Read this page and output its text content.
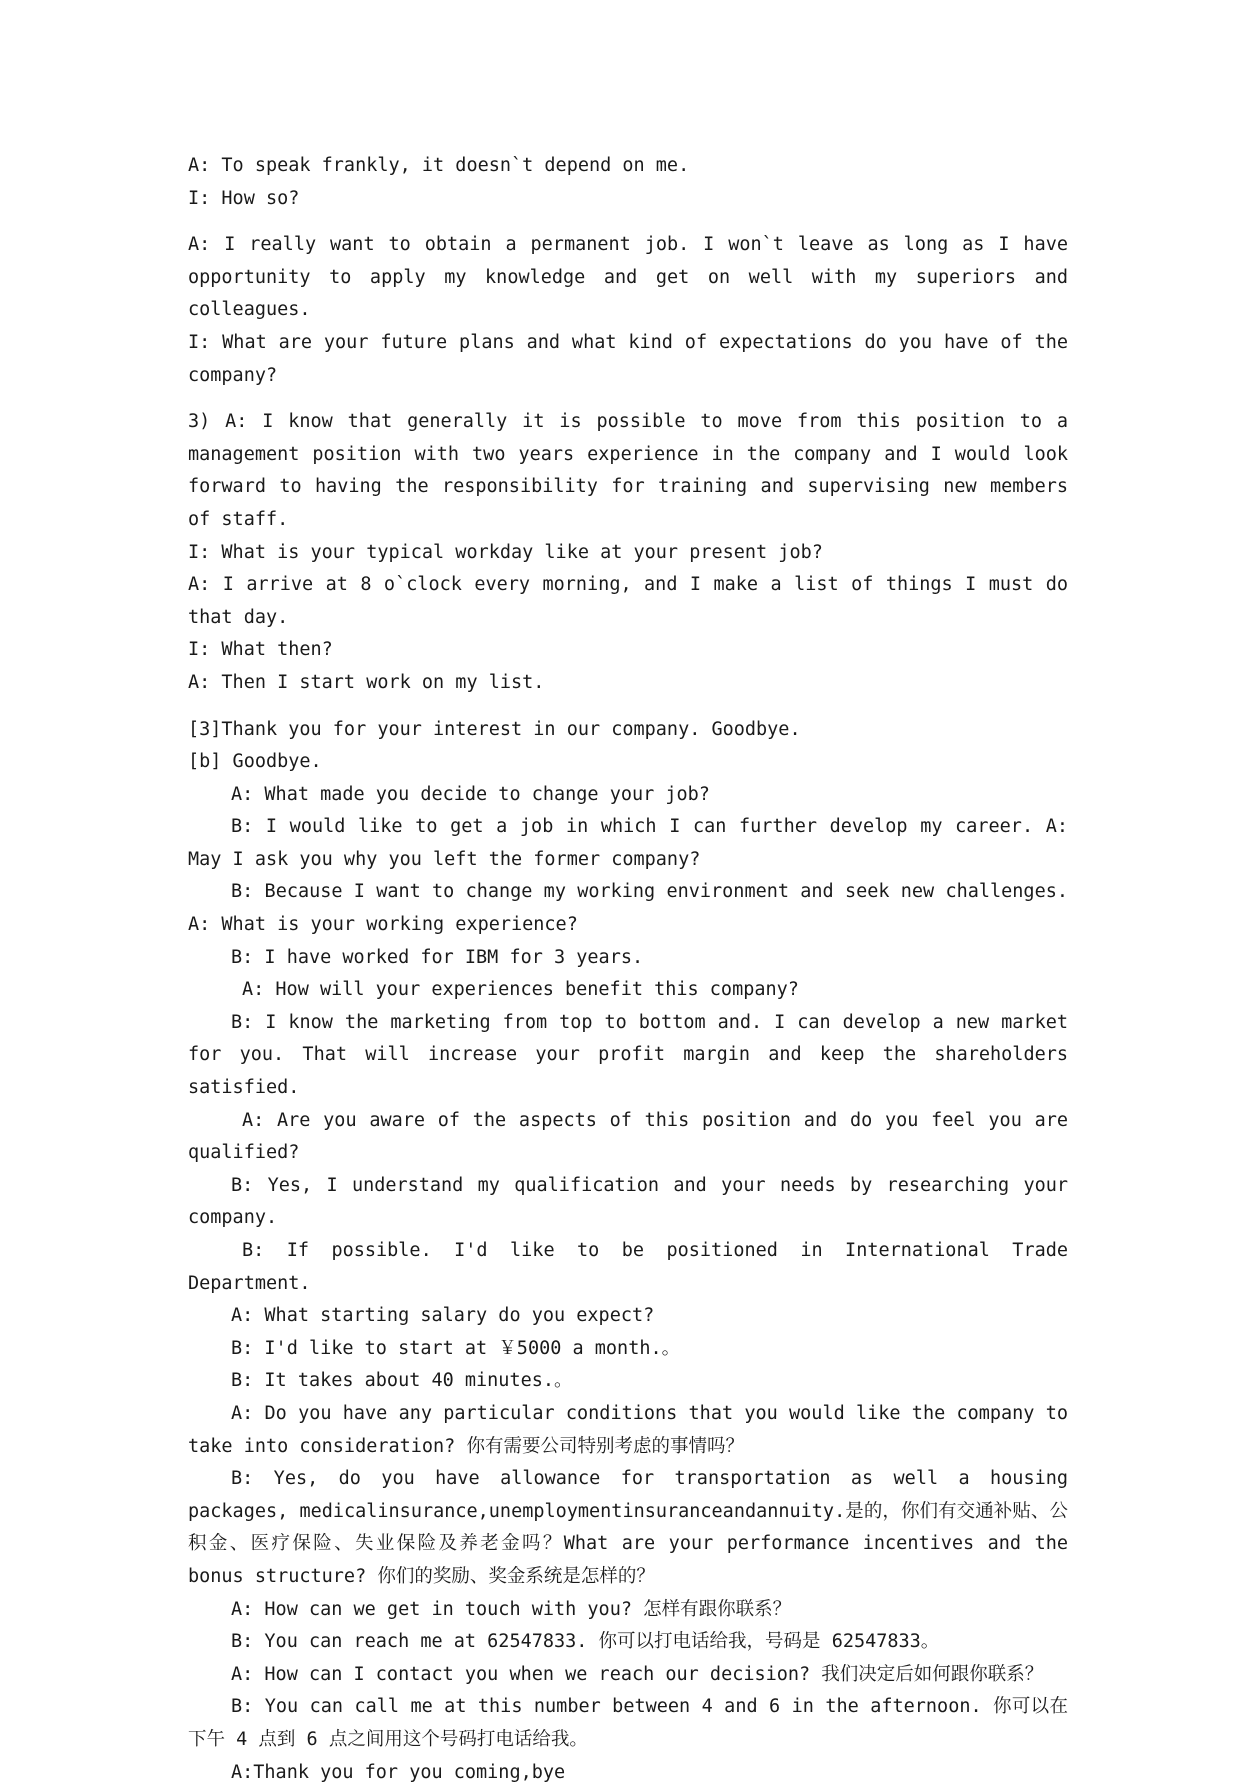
A: To speak frankly, it doesn`t depend on me.

I: How so?

A: I really want to obtain a permanent job. I won`t leave as long as I have opportunity to apply my knowledge and get on well with my superiors and colleagues.

I: What are your future plans and what kind of expectations do you have of the company?

3) A: I know that generally it is possible to move from this position to a management position with two years experience in the company and I would look forward to having the responsibility for training and supervising new members of staff.

I: What is your typical workday like at your present job?

A: I arrive at 8 o`clock every morning, and I make a list of things I must do that day.

I: What then?

A: Then I start work on my list.

[3]Thank you for your interest in our company. Goodbye.

[b] Goodbye.

A: What made you decide to change your job?

B: I would like to get a job in which I can further develop my career. A: May I ask you why you left the former company?

B: Because I want to change my working environment and seek new challenges. A: What is your working experience?

B: I have worked for IBM for 3 years.

A: How will your experiences benefit this company?

B: I know the marketing from top to bottom and. I can develop a new market for you. That will increase your profit margin and keep the shareholders satisfied.

A: Are you aware of the aspects of this position and do you feel you are qualified?

B: Yes, I understand my qualification and your needs by researching your company.

B: If possible. I'd like to be positioned in International Trade Department.

A: What starting salary do you expect?

B: I'd like to start at ￥5000 a month.。

B: It takes about 40 minutes.。

A: Do you have any particular conditions that you would like the company to take into consideration? 你有需要公司特别考虑的事情吗？

B: Yes, do you have allowance for transportation as well a housing packages, medicalinsurance,unemploymentinsuranceandannuity.是的，你们有交通补贴、公积金、医疗保险、失业保险及养老金吗？What are your performance incentives and the bonus structure? 你们的奖励、奖金系统是怎样的？

A: How can we get in touch with you? 怎样有跟你联系？

B: You can reach me at 62547833. 你可以打电话给我，号码是 62547833。

A: How can I contact you when we reach our decision? 我们决定后如何跟你联系？

B: You can call me at this number between 4 and 6 in the afternoon. 你可以在下午 4 点到 6 点之间用这个号码打电话给我。

A:Thank you for you coming,bye
